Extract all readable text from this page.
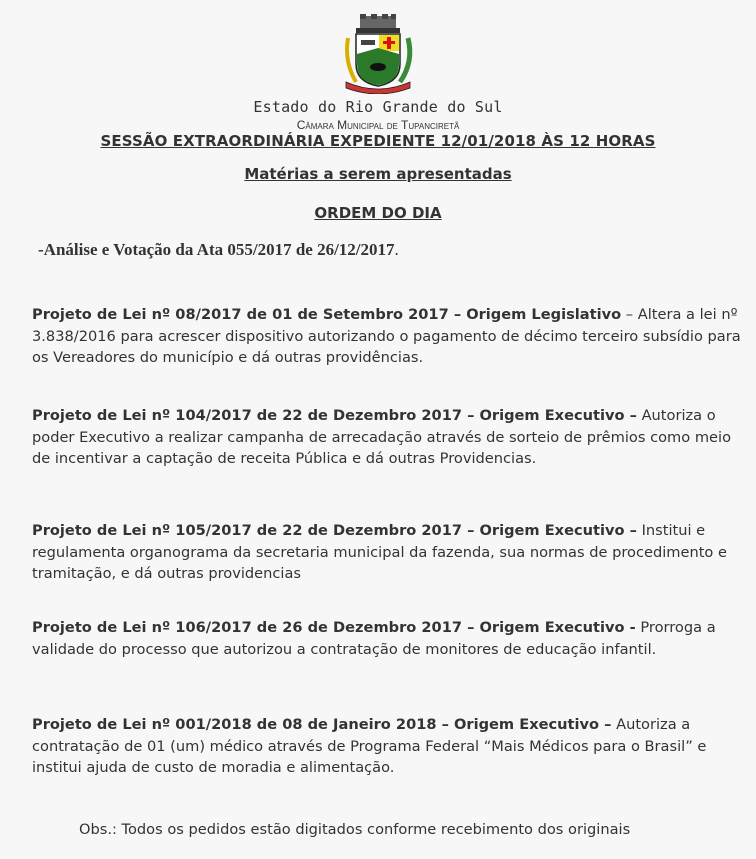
Estado do Rio Grande do Sul
Câmara Municipal de Tupanciretã
SESSÃO EXTRAORDINÁRIA EXPEDIENTE 12/01/2018 ÀS 12 HORAS
Matérias a serem apresentadas
ORDEM DO DIA
-Análise e Votação da Ata 055/2017 de 26/12/2017.
Projeto de Lei nº 08/2017 de 01 de Setembro 2017 – Origem Legislativo – Altera a lei nº 3.838/2016 para acrescer dispositivo autorizando o pagamento de décimo terceiro subsídio para os Vereadores do município e dá outras providências.
Projeto de Lei nº 104/2017 de 22 de Dezembro 2017 – Origem Executivo – Autoriza o poder Executivo a realizar campanha de arrecadação através de sorteio de prêmios como meio de incentivar a captação de receita Pública e dá outras Providencias.
Projeto de Lei nº 105/2017 de 22 de Dezembro 2017 – Origem Executivo – Institui e regulamenta organograma da secretaria municipal da fazenda, sua normas de procedimento e tramitação, e dá outras providencias
Projeto de Lei nº 106/2017 de 26 de Dezembro 2017 – Origem Executivo - Prorroga a validade do processo que autorizou a contratação de monitores de educação infantil.
Projeto de Lei nº 001/2018 de 08 de Janeiro 2018 – Origem Executivo – Autoriza a contratação de 01 (um) médico através de Programa Federal “Mais Médicos para o Brasil” e institui ajuda de custo de moradia e alimentação.
Obs.: Todos os pedidos estão digitados conforme recebimento dos originais
